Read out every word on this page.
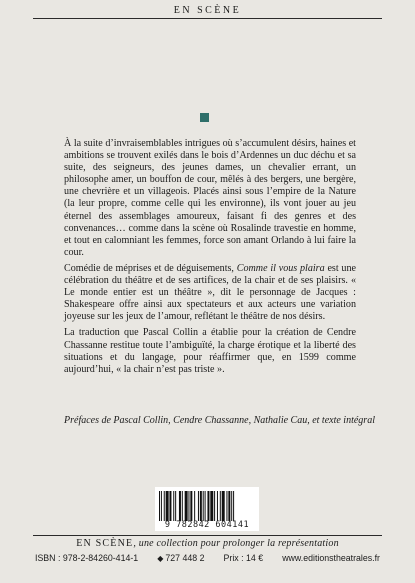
EN SCÈNE

À la suite d’invraisemblables intrigues où s’accumulent désirs, haines et ambitions se trouvent exilés dans le bois d’Ardennes un duc déchu et sa suite, des seigneurs, des jeunes dames, un chevalier errant, un philosophe amer, un bouffon de cour, mêlés à des bergers, une bergère, une chevrière et un villageois. Placés ainsi sous l’empire de la Nature (la leur propre, comme celle qui les environne), ils vont jouer au jeu éternel des assemblages amoureux, faisant fi des genres et des convenances… comme dans la scène où Rosalinde travestie en homme, et tout en calomniant les femmes, force son amant Orlando à lui faire la cour.

Comédie de méprises et de déguisements, Comme il vous plaira est une célébration du théâtre et de ses artifices, de la chair et de ses plaisirs. « Le monde entier est un théâtre », dit le personnage de Jacques : Shakespeare offre ainsi aux spectateurs et aux acteurs une variation joyeuse sur les jeux de l’amour, reflétant le théâtre de nos désirs.

La traduction que Pascal Collin a établie pour la création de Cendre Chassanne restitue toute l’ambiguïté, la charge érotique et la liberté des situations et du langage, pour réaffirmer que, en 1599 comme aujourd’hui, « la chair n’est pas triste ».

Préfaces de Pascal Collin, Cendre Chassanne, Nathalie Cau, et texte intégral
9 782842 604141
EN SCÈNE, une collection pour prolonger la représentation
ISBN : 978-2-84260-414-1 ◆ 727 448 2 Prix : 14 € www.editionstheatrales.fr
